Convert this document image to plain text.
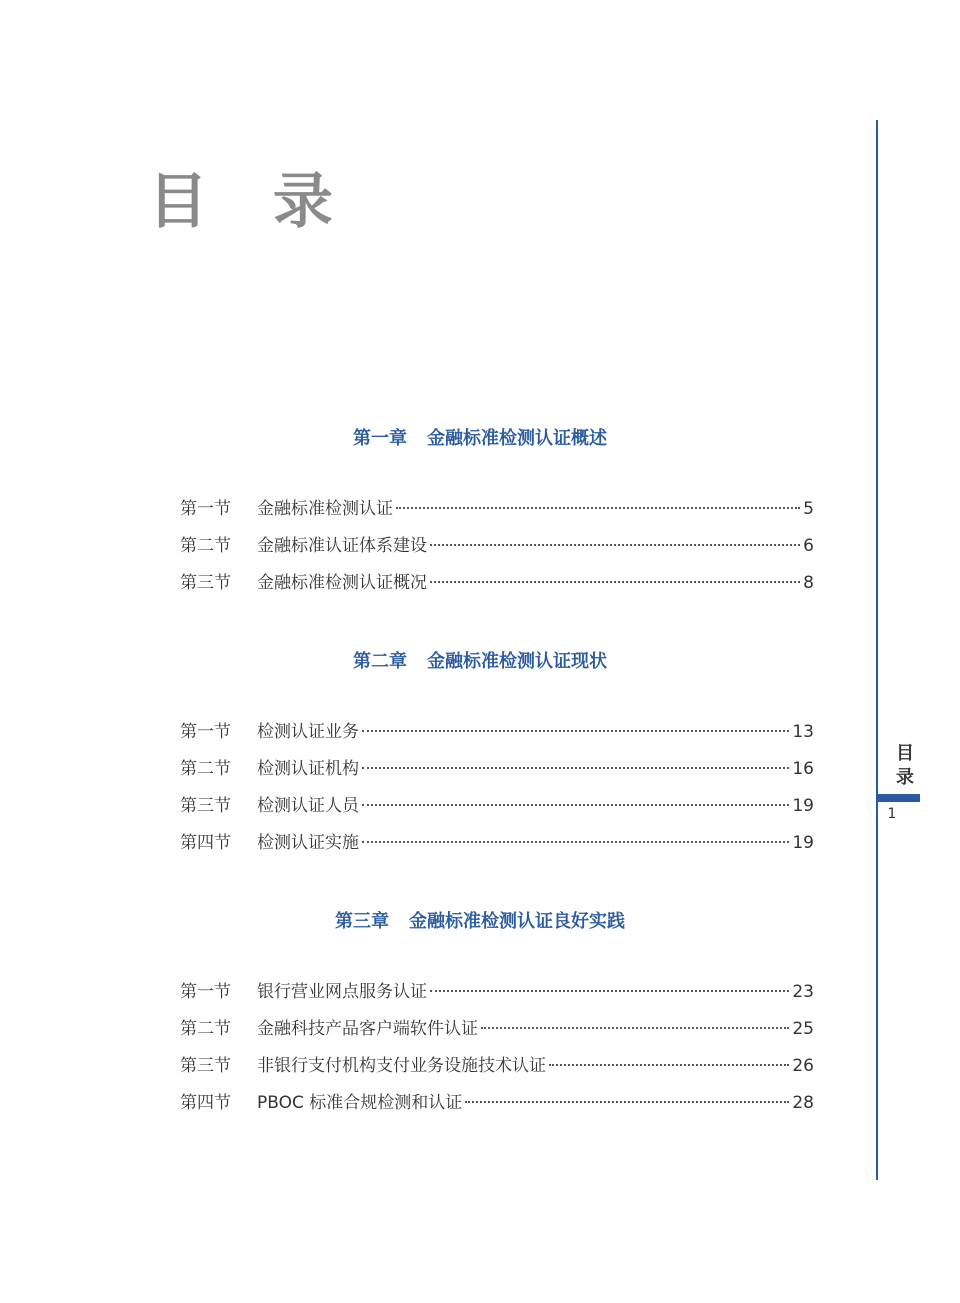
目 录
目录
1
第一章 金融标准检测认证概述
第一节	金融标准检测认证	5
第二节	金融标准认证体系建设	6
第三节	金融标准检测认证概况	8
第二章 金融标准检测认证现状
第一节	检测认证业务	13
第二节	检测认证机构	16
第三节	检测认证人员	19
第四节	检测认证实施	19
第三章 金融标准检测认证良好实践
第一节	银行营业网点服务认证	23
第二节	金融科技产品客户端软件认证	25
第三节	非银行支付机构支付业务设施技术认证	26
第四节	PBOC 标准合规检测和认证	28
